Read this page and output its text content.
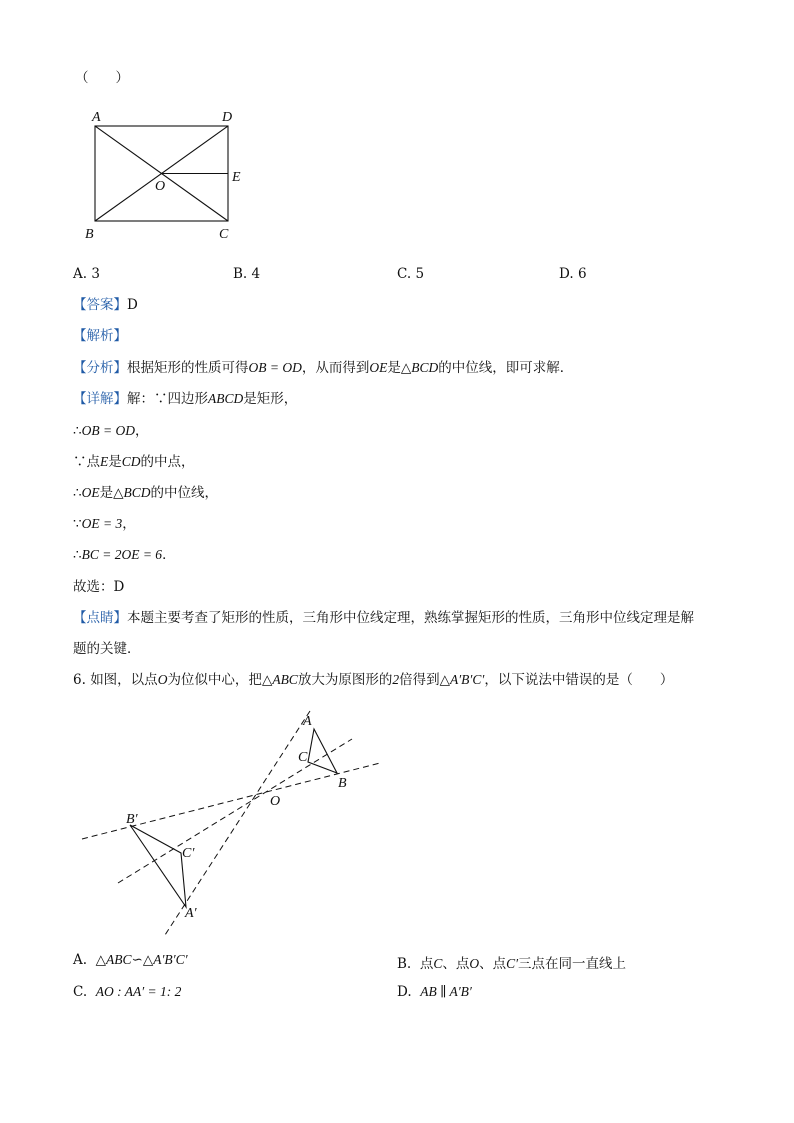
（　　）
A	D
E
O
B	C
A. 3	B. 4	C. 5	D. 6
【答案】D
【解析】
【分析】根据矩形的性质可得OB = OD，从而得到OE是△BCD的中位线，即可求解．
【详解】解：∵四边形ABCD是矩形，
∴OB = OD，
∵点E是CD的中点，
∴OE是△BCD的中位线，
∵OE = 3，
∴BC = 2OE = 6．
故选：D
【点睛】本题主要考查了矩形的性质，三角形中位线定理，熟练掌握矩形的性质，三角形中位线定理是解
题的关键．
6. 如图，以点O为位似中心，把△ABC放大为原图形的2倍得到△A′B′C′，以下说法中错误的是（　　）
A
C
B
O
B′
C′
A′
A. △ABC∽△A′B′C′	B. 点C、点O、点C′三点在同一直线上
C. AO : AA′ = 1: 2	D. AB ∥ A′B′
